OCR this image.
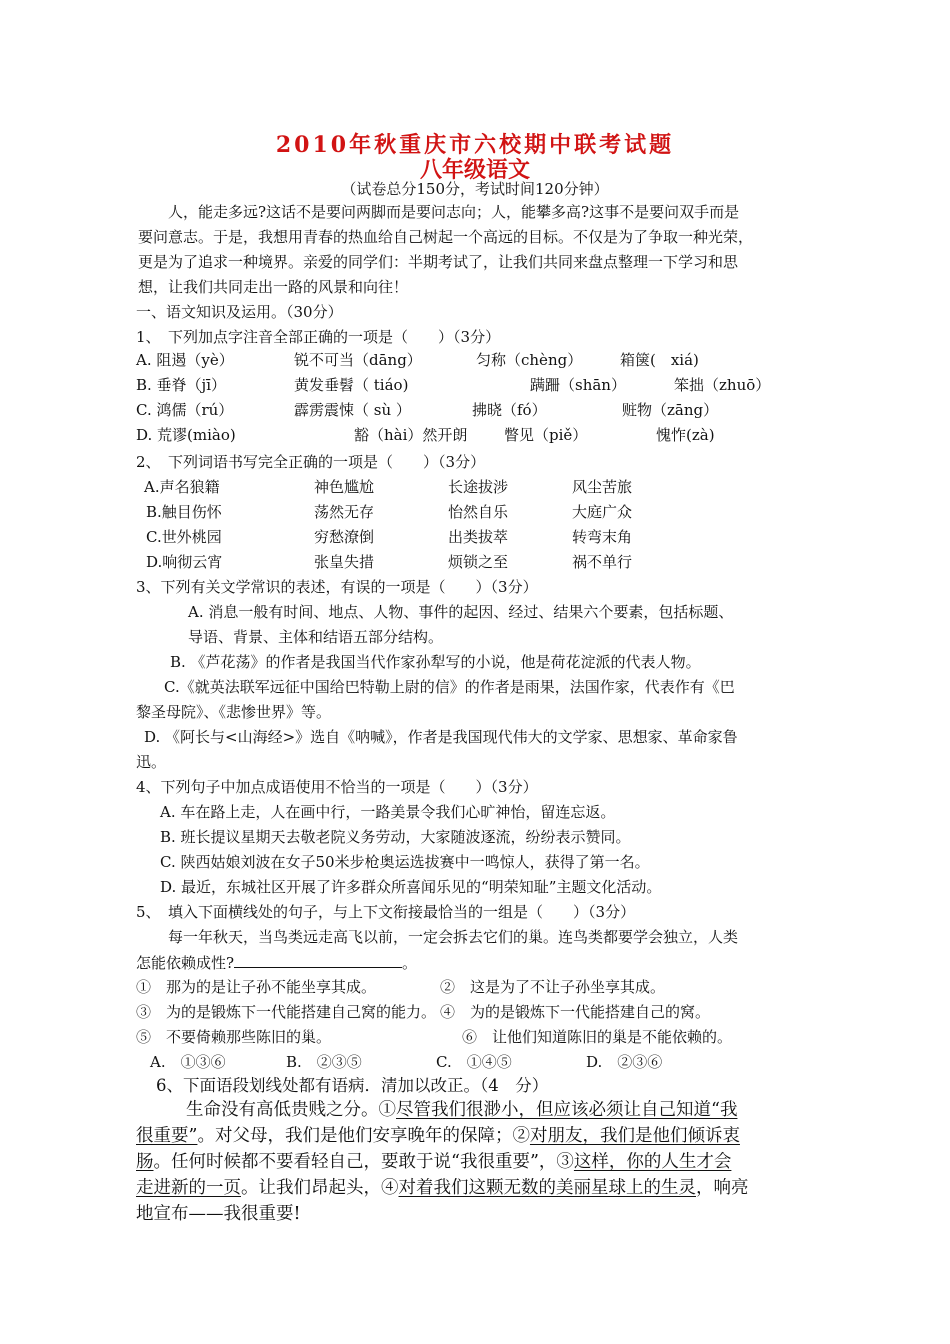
2010年秋重庆市六校期中联考试题
八年级语文
（试卷总分150分，考试时间120分钟）
人，能走多远?这话不是要问两脚而是要问志向；人，能攀多高?这事不是要问双手而是
要问意志。于是，我想用青春的热血给自己树起一个高远的目标。不仅是为了争取一种光荣，
更是为了追求一种境界。亲爱的同学们：半期考试了，让我们共同来盘点整理一下学习和思
想，让我们共同走出一路的风景和向往！
一、语文知识及运用。（30分）
1、　下列加点字注音全部正确的一项是（　　）（3分）
A. 阻遏（yè）	锐不可当（dāng）	匀称（chèng）	箱箧(　xiá)
B. 垂脊（jī）	黄发垂髫（ tiáo)	蹒跚（shān）	笨拙（zhuō）
C. 鸿儒（rú）	霹雳震悚（ sù ）	拂晓（fó）	赃物（zāng）
D. 荒谬(miào)	豁（hài）然开朗 瞥见（piě）	愧怍(zà)
2、　下列词语书写完全正确的一项是（　　）（3分）
A.声名狼籍	神色尴尬	长途拔涉	风尘苦旅
B.触目伤怀	荡然无存	怡然自乐	大庭广众
C.世外桃园	穷愁潦倒	出类拔萃	转弯末角
D.响彻云宵	张皇失措	烦锁之至	祸不单行
3、下列有关文学常识的表述，有误的一项是（　　）（3分）
A. 消息一般有时间、地点、人物、事件的起因、经过、结果六个要素，包括标题、
导语、背景、主体和结语五部分结构。
B. 《芦花荡》的作者是我国当代作家孙犁写的小说，他是荷花淀派的代表人物。
C.《就英法联军远征中国给巴特勒上尉的信》的作者是雨果，法国作家，代表作有《巴
黎圣母院》、《悲惨世界》等。
D. 《阿长与<山海经>》选自《呐喊》，作者是我国现代伟大的文学家、思想家、革命家鲁
迅。
4、下列句子中加点成语使用不恰当的一项是（　　）（3分）
A. 车在路上走，人在画中行，一路美景令我们心旷神怡，留连忘返。
B. 班长提议星期天去敬老院义务劳动，大家随波逐流，纷纷表示赞同。
C. 陕西姑娘刘波在女子50米步枪奥运选拔赛中一鸣惊人，获得了第一名。
D. 最近，东城社区开展了许多群众所喜闻乐见的“明荣知耻”主题文化活动。
5、　填入下面横线处的句子，与上下文衔接最恰当的一组是（　　）（3分）
每一年秋天，当鸟类远走高飞以前，一定会拆去它们的巢。连鸟类都要学会独立，人类
怎能依赖成性?	。
①　那为的是让子孙不能坐享其成。	②　这是为了不让子孙坐享其成。
③　为的是锻炼下一代能搭建自己窝的能力。 ④　为的是锻炼下一代能搭建自己的窝。
⑤　不要倚赖那些陈旧的巢。	⑥　让他们知道陈旧的巢是不能依赖的。
A.　①③⑥	B.　②③⑤	C.　①④⑤	D.　②③⑥
6、下面语段划线处都有语病．清加以改正。（4　分）
生命没有高低贵贱之分。①尽管我们很渺小，但应该必须让自己知道“我
很重要”。对父母，我们是他们安享晚年的保障；②对朋友，我们是他们倾诉衷
肠。任何时候都不要看轻自己，要敢于说“我很重要”，③这样，你的人生才会
走进新的一页。让我们昂起头，④对着我们这颗无数的美丽星球上的生灵，响亮
地宣布——我很重要!
